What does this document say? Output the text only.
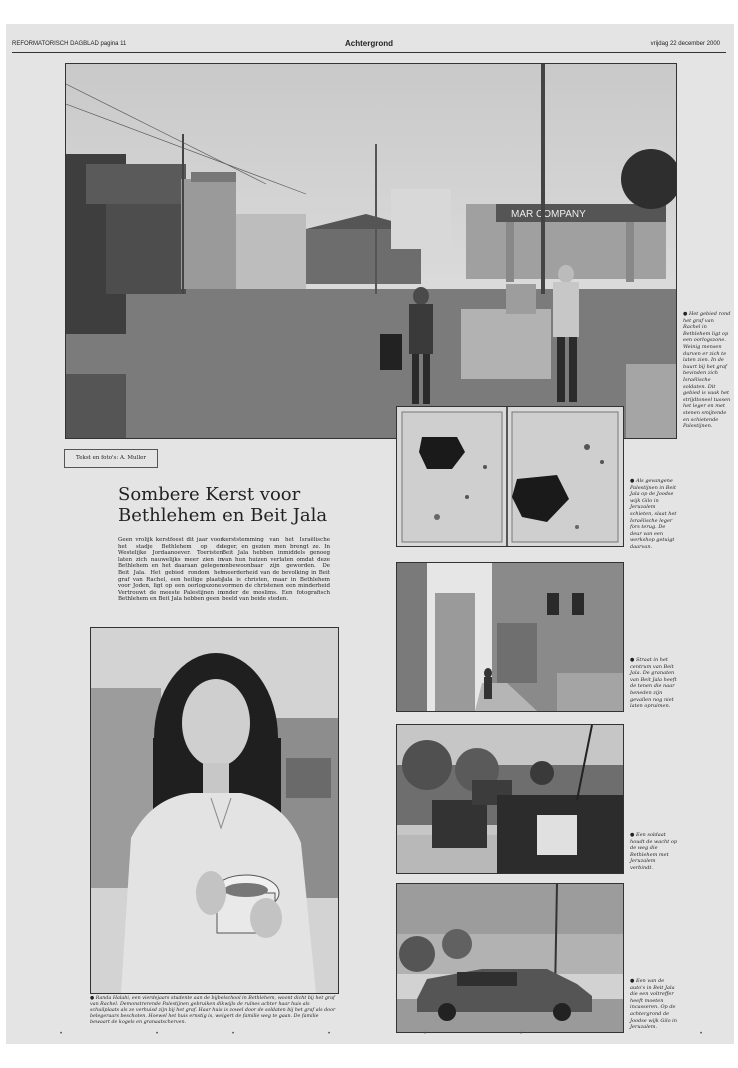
REFORMATORISCH DAGBLAD pagina 11	Achtergrond	vrijdag 22 december 2000
MAR COMPANY
● Het gebied rond het graf van Rachel in Bethlehem ligt op een oorlogszone. Weinig mensen durven er zich te laten zien. In de buurt bij het graf bevinden zich Israëlische soldaten. Dit gebied is vaak het strijdtoneel tussen het leger en met stenen smijtende en schietende Palestijnen.
Tekst en foto's: A. Muller
Sombere Kerst voor
Bethlehem en Beit Jala
Geen vrolijk kerstfeest dit jaar voor het stadje Bethlehem op de Westelijke Jordaanoever. Toeristen laten zich nauwelijks meer zien in Bethlehem en het daaraan gelegen Beit Jala. Het gebied rondom het graf van Rachel, een heilige plaats voor Joden, ligt op een oorlogszone. Vertrouwt de meeste Palestijnen in Bethlehem en Beit Jala hebben geen
kerststemming van het Israëlische leger, en gezien men brengt ze. In Beit Jala hebben inmiddels genoeg van hun huizen verlaten omdat deze onbewoonbaar zijn geworden. De meerderheid van de bevolking in Beit Jala is christen, maar in Bethlehem vormen de christenen een minderheid onder de moslims. Een fotografisch beeld van beide steden.
● Als gevangene Palestijnen in Beit Jala op de Joodse wijk Gilo in Jeruzalem schieten, slaat het Israëlische leger fors terug. De deur van een werkshop getuigt daarvan.
● Straat in het centrum van Beit Jala. De granaten van Beit Jala heeft de tenen die naar beneden zijn gevallen nog niet laten opruimen.
● Randa Halabi, een vierdejaars studente aan de bijbelschool in Bethlehem, woont dicht bij het graf van Rachel. Demonstrerende Palestijnen gebruiken dikwijls de ruïnes achter haar huis als schuilplaats als ze verhuisd zijn bij het graf. Haar huis is zowel door de soldaten bij het graf als door belegeraars beschoten. Hoewel het huis ernstig is, weigert de familie weg te gaan. De familie bewaart de kogels en granaatscherven.
● Een soldaat houdt de wacht op de weg die Bethlehem met Jeruzalem verbindt.
● Een van de auto's in Beit Jala die een voltreffer heeft moeten incasseren. Op de achtergrond de Joodse wijk Gilo in Jeruzalem.
•	•	•	•	•	•	•
